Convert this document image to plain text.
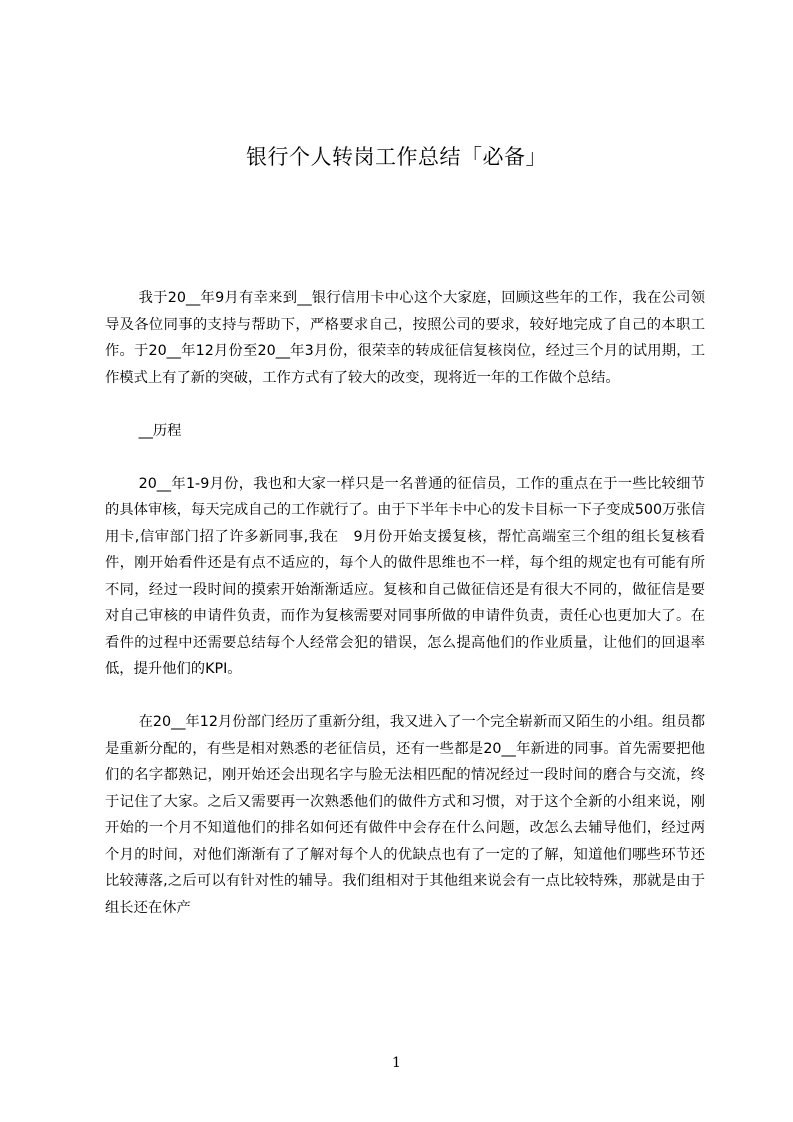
银行个人转岗工作总结「必备」

我于20__年9月有幸来到__银行信用卡中心这个大家庭，回顾这些年的工作，我在公司领导及各位同事的支持与帮助下，严格要求自己，按照公司的要求，较好地完成了自己的本职工作。于20__年12月份至20__年3月份，很荣幸的转成征信复核岗位，经过三个月的试用期，工作模式上有了新的突破，工作方式有了较大的改变，现将近一年的工作做个总结。

__历程

20__年1-9月份，我也和大家一样只是一名普通的征信员，工作的重点在于一些比较细节的具体审核，每天完成自己的工作就行了。由于下半年卡中心的发卡目标一下子变成500万张信用卡,信审部门招了许多新同事,我在　9月份开始支援复核，帮忙高端室三个组的组长复核看件，刚开始看件还是有点不适应的，每个人的做件思维也不一样，每个组的规定也有可能有所不同，经过一段时间的摸索开始渐渐适应。复核和自己做征信还是有很大不同的，做征信是要对自己审核的申请件负责，而作为复核需要对同事所做的申请件负责，责任心也更加大了。在看件的过程中还需要总结每个人经常会犯的错误，怎么提高他们的作业质量，让他们的回退率低，提升他们的KPI。

在20__年12月份部门经历了重新分组，我又进入了一个完全崭新而又陌生的小组。组员都是重新分配的，有些是相对熟悉的老征信员，还有一些都是20__年新进的同事。首先需要把他们的名字都熟记，刚开始还会出现名字与脸无法相匹配的情况经过一段时间的磨合与交流，终于记住了大家。之后又需要再一次熟悉他们的做件方式和习惯，对于这个全新的小组来说，刚开始的一个月不知道他们的排名如何还有做件中会存在什么问题，改怎么去辅导他们，经过两个月的时间，对他们渐渐有了了解对每个人的优缺点也有了一定的了解，知道他们哪些环节还比较薄落,之后可以有针对性的辅导。我们组相对于其他组来说会有一点比较特殊，那就是由于组长还在休产

1
